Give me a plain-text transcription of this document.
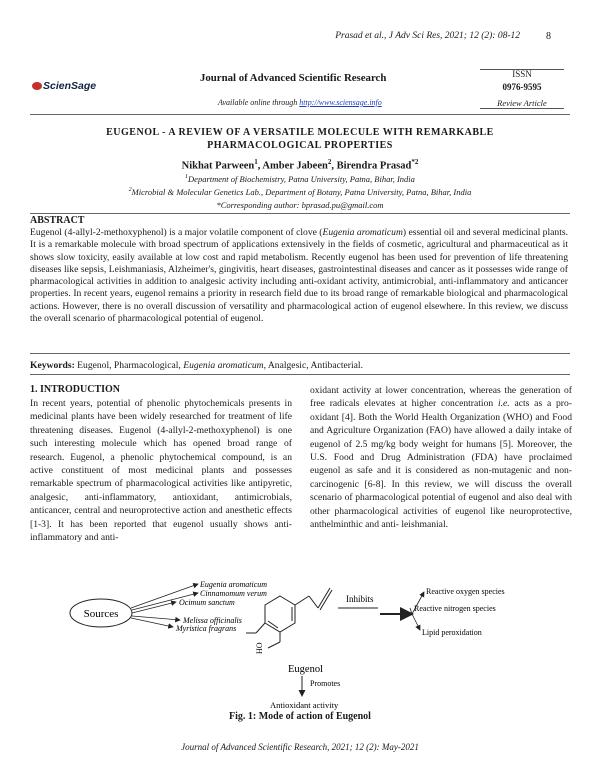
Prasad et al., J Adv Sci Res, 2021; 12 (2): 08-12	8
ScienSage
Journal of Advanced Scientific Research
Available online through http://www.sciensage.info
ISSN
0976-9595
Review Article
EUGENOL - A REVIEW OF A VERSATILE MOLECULE WITH REMARKABLE
PHARMACOLOGICAL PROPERTIES
Nikhat Parween$^1$, Amber Jabeen$^2$, Birendra Prasad$^{*2}$
$^1$Department of Biochemistry, Patna University, Patna, Bihar, India
$^2$Microbial & Molecular Genetics Lab., Department of Botany, Patna University, Patna, Bihar, India
*Corresponding author: bprasad.pu@gmail.com
ABSTRACT
Eugenol (4-allyl-2-methoxyphenol) is a major volatile component of clove (Eugenia aromaticum) essential oil and several medicinal plants. It is a remarkable molecule with broad spectrum of applications extensively in the fields of cosmetic, agricultural and pharmaceutical as it shows slow toxicity, easily available at low cost and rapid metabolism. Recently eugenol has been used for prevention of life threatening diseases like sepsis, Leishmaniasis, Alzheimer's, gingivitis, heart diseases, gastrointestinal diseases and cancer as it possesses wide range of pharmacological activities in addition to analgesic activity including anti-oxidant activity, antimicrobial, anti-inflammatory and anticancer properties. In recent years, eugenol remains a priority in research field due to its broad range of remarkable biological and pharmacological actions. However, there is no overall discussion of versatility and pharmacological action of eugenol elsewhere. In this review, we discuss the overall scenario of pharmacological potential of eugenol.
Keywords: Eugenol, Pharmacological, Eugenia aromaticum, Analgesic, Antibacterial.
1. INTRODUCTION
In recent years, potential of phenolic phytochemicals presents in medicinal plants have been widely researched for treatment of life threatening diseases. Eugenol (4-allyl-2-methoxyphenol) is one such interesting molecule which has opened broad range of research. Eugenol, a phenolic phytochemical compound, is an active constituent of most medicinal plants and possesses remarkable spectrum of pharmacological activities like antipyretic, analgesic, anti-inflammatory, antioxidant, antimicrobials, anticancer, central and neuroprotective action and anesthetic effects [1-3]. It has been reported that eugenol usually shows anti-inflammatory and anti-
oxidant activity at lower concentration, whereas the generation of free radicals elevates at higher concentration i.e. acts as a pro-oxidant [4]. Both the World Health Organization (WHO) and Food and Agriculture Organization (FAO) have allowed a daily intake of eugenol of 2.5 mg/kg body weight for humans [5]. Moreover, the U.S. Food and Drug Administration (FDA) have proclaimed eugenol as safe and it is considered as non-mutagenic and non-carcinogenic [6-8]. In this review, we will discuss the overall scenario of pharmacological potential of eugenol and also deal with other pharmacological activities of eugenol like neuroprotective, anthelminthic and anti- leishmanial.
Sources
Eugenia aromaticum
Cinnamomum verum
Ocimum sanctum
Melissa officinalis
Myristica fragrans
HO
Inhibits
Reactive oxygen species
Reactive nitrogen species
Lipid peroxidation
Eugenol
Promotes
Antioxidant activity
Fig. 1: Mode of action of Eugenol
Journal of Advanced Scientific Research, 2021; 12 (2): May-2021
